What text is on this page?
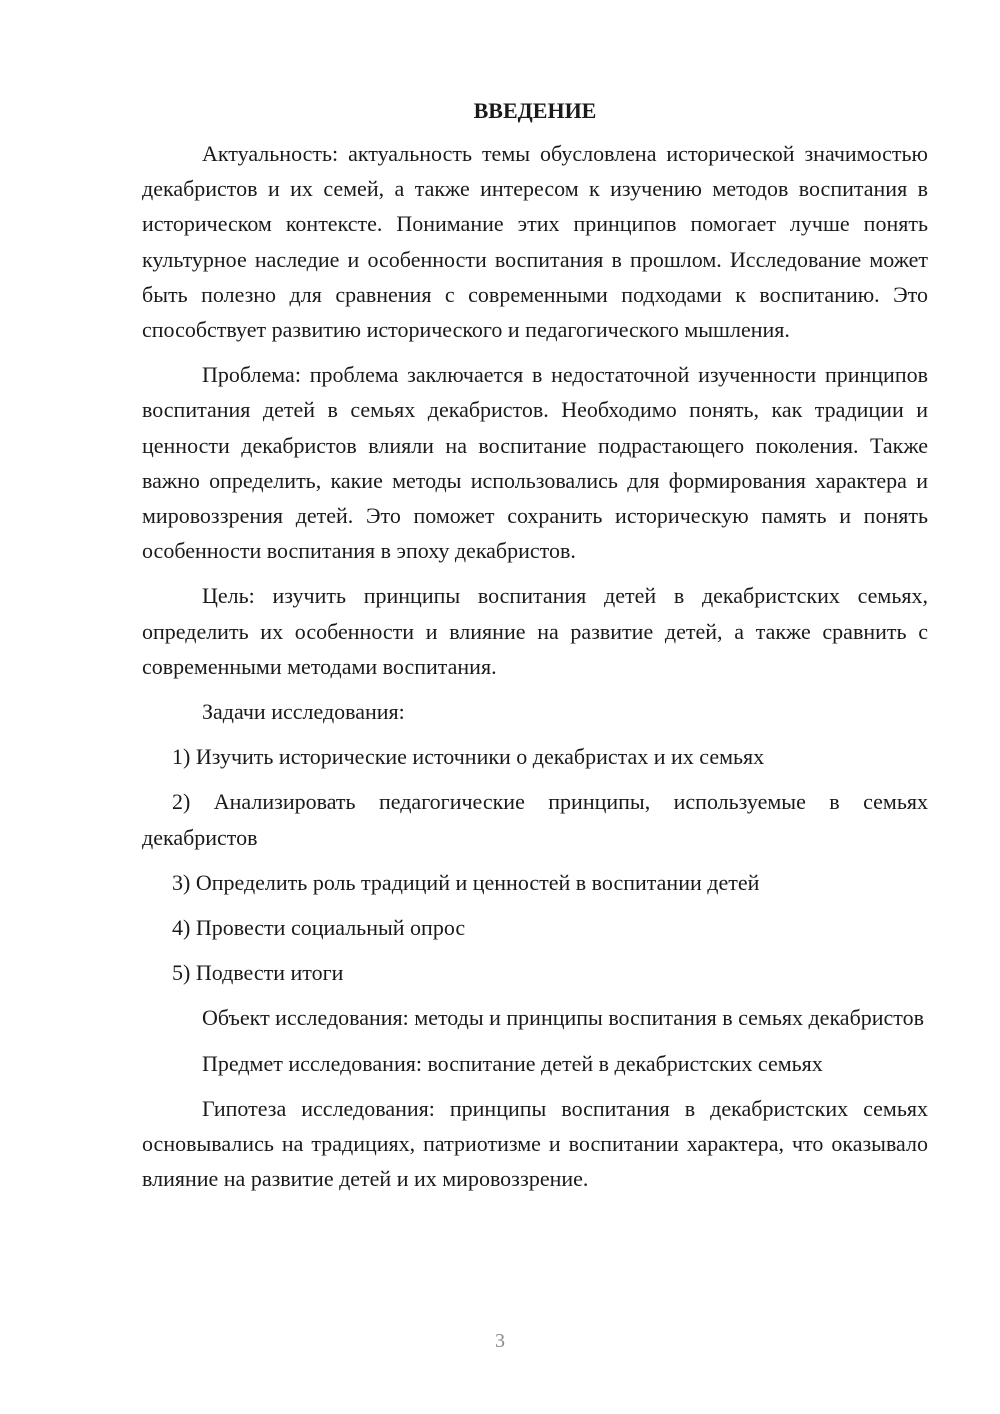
ВВЕДЕНИЕ

Актуальность: актуальность темы обусловлена исторической значимостью декабристов и их семей, а также интересом к изучению методов воспитания в историческом контексте. Понимание этих принципов помогает лучше понять культурное наследие и особенности воспитания в прошлом. Исследование может быть полезно для сравнения с современными подходами к воспитанию. Это способствует развитию исторического и педагогического мышления.

Проблема: проблема заключается в недостаточной изученности принципов воспитания детей в семьях декабристов. Необходимо понять, как традиции и ценности декабристов влияли на воспитание подрастающего поколения. Также важно определить, какие методы использовались для формирования характера и мировоззрения детей. Это поможет сохранить историческую память и понять особенности воспитания в эпоху декабристов.

Цель: изучить принципы воспитания детей в декабристских семьях, определить их особенности и влияние на развитие детей, а также сравнить с современными методами воспитания.

Задачи исследования:

1) Изучить исторические источники о декабристах и их семьях

2) Анализировать педагогические принципы, используемые в семьях декабристов

3) Определить роль традиций и ценностей в воспитании детей

4) Провести социальный опрос

5) Подвести итоги

Объект исследования: методы и принципы воспитания в семьях декабристов

Предмет исследования: воспитание детей в декабристских семьях

Гипотеза исследования: принципы воспитания в декабристских семьях основывались на традициях, патриотизме и воспитании характера, что оказывало влияние на развитие детей и их мировоззрение.

3
